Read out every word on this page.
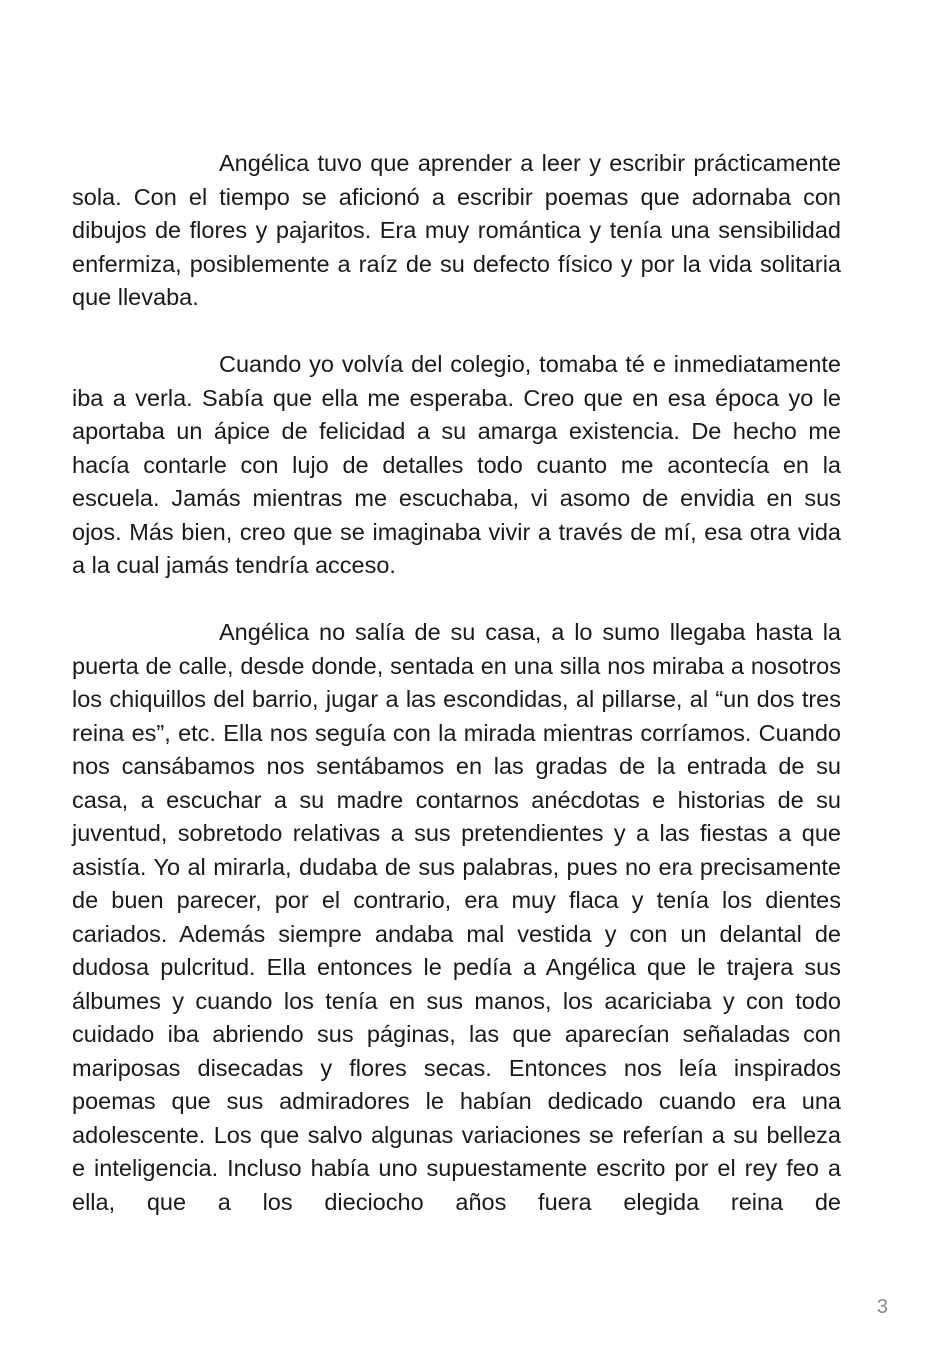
Angélica tuvo que aprender a leer y escribir prácticamente sola. Con el tiempo se aficionó a escribir poemas que adornaba con dibujos de flores y pajaritos. Era muy romántica y tenía una sensibilidad enfermiza, posiblemente a raíz de su defecto físico y por la vida solitaria que llevaba.

Cuando yo volvía del colegio, tomaba té e inmediatamente iba a verla. Sabía que ella me esperaba. Creo que en esa época yo le aportaba un ápice de felicidad a su amarga existencia. De hecho me hacía contarle con lujo de detalles todo cuanto me acontecía en la escuela. Jamás mientras me escuchaba, vi asomo de envidia en sus ojos. Más bien, creo que se imaginaba vivir a través de mí, esa otra vida a la cual jamás tendría acceso.

Angélica no salía de su casa, a lo sumo llegaba hasta la puerta de calle, desde donde, sentada en una silla nos miraba a nosotros los chiquillos del barrio, jugar a las escondidas, al pillarse, al “un dos tres reina es”, etc. Ella nos seguía con la mirada mientras corríamos. Cuando nos cansábamos nos sentábamos en las gradas de la entrada de su casa, a escuchar a su madre contarnos anécdotas e historias de su juventud, sobretodo relativas a sus pretendientes y a las fiestas a que asistía. Yo al mirarla, dudaba de sus palabras, pues no era precisamente de buen parecer, por el contrario, era muy flaca y tenía los dientes cariados. Además siempre andaba mal vestida y con un delantal de dudosa pulcritud. Ella entonces le pedía a Angélica que le trajera sus álbumes y cuando los tenía en sus manos, los acariciaba y con todo cuidado iba abriendo sus páginas, las que aparecían señaladas con mariposas disecadas y flores secas. Entonces nos leía inspirados poemas que sus admiradores le habían dedicado cuando era una adolescente. Los que salvo algunas variaciones se referían a su belleza e inteligencia. Incluso había uno supuestamente escrito por el rey feo a ella, que a los dieciocho años fuera elegida reina de

3
